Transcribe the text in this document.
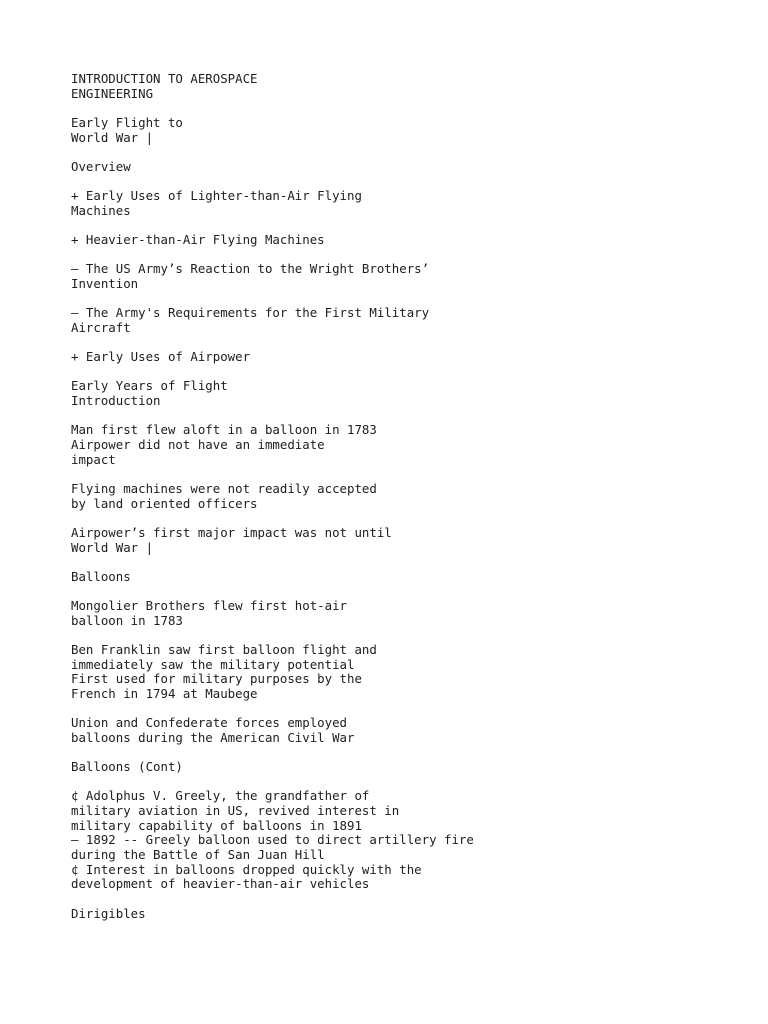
INTRODUCTION TO AEROSPACE
ENGINEERING
Early Flight to
World War |
Overview
+ Early Uses of Lighter-than-Air Flying
Machines
+ Heavier-than-Air Flying Machines
— The US Army’s Reaction to the Wright Brothers’
Invention
— The Army's Requirements for the First Military
Aircraft
+ Early Uses of Airpower
Early Years of Flight
Introduction
Man first flew aloft in a balloon in 1783
Airpower did not have an immediate
impact
Flying machines were not readily accepted
by land oriented officers
Airpower’s first major impact was not until
World War |
Balloons
Mongolier Brothers flew first hot-air
balloon in 1783
Ben Franklin saw first balloon flight and
immediately saw the military potential
First used for military purposes by the
French in 1794 at Maubege
Union and Confederate forces employed
balloons during the American Civil War
Balloons (Cont)
¢ Adolphus V. Greely, the grandfather of
military aviation in US, revived interest in
military capability of balloons in 1891
— 1892 -- Greely balloon used to direct artillery fire
during the Battle of San Juan Hill
¢ Interest in balloons dropped quickly with the
development of heavier-than-air vehicles
Dirigibles
